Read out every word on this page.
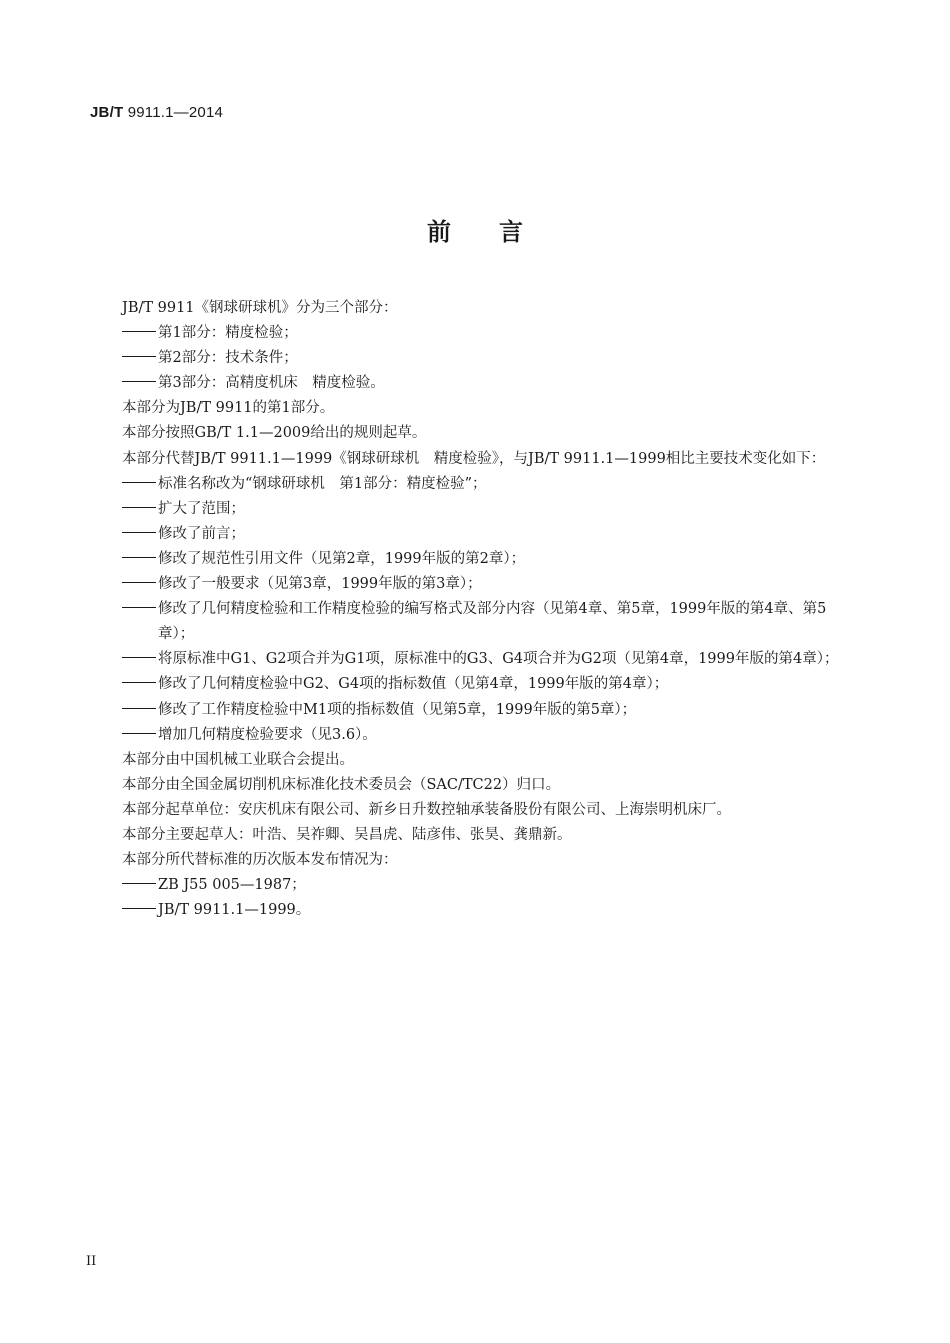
JB/T 9911.1—2014
前 言

JB/T 9911《钢球研球机》分为三个部分：

第1部分：精度检验；
第2部分：技术条件；
第3部分：高精度机床　精度检验。

本部分为JB/T 9911的第1部分。

本部分按照GB/T 1.1—2009给出的规则起草。

本部分代替JB/T 9911.1—1999《钢球研球机　精度检验》，与JB/T 9911.1—1999相比主要技术变化如下：

标准名称改为“钢球研球机　第1部分：精度检验”；
扩大了范围；
修改了前言；
修改了规范性引用文件（见第2章，1999年版的第2章）；
修改了一般要求（见第3章，1999年版的第3章）；
修改了几何精度检验和工作精度检验的编写格式及部分内容（见第4章、第5章，1999年版的第4章、第5章）；
将原标准中G1、G2项合并为G1项，原标准中的G3、G4项合并为G2项（见第4章，1999年版的第4章）；
修改了几何精度检验中G2、G4项的指标数值（见第4章，1999年版的第4章）；
修改了工作精度检验中M1项的指标数值（见第5章，1999年版的第5章）；
增加几何精度检验要求（见3.6）。

本部分由中国机械工业联合会提出。

本部分由全国金属切削机床标准化技术委员会（SAC/TC22）归口。

本部分起草单位：安庆机床有限公司、新乡日升数控轴承装备股份有限公司、上海崇明机床厂。

本部分主要起草人：叶浩、吴祚卿、吴昌虎、陆彦伟、张昊、龚鼎新。

本部分所代替标准的历次版本发布情况为：

ZB J55 005—1987；
JB/T 9911.1—1999。
II
